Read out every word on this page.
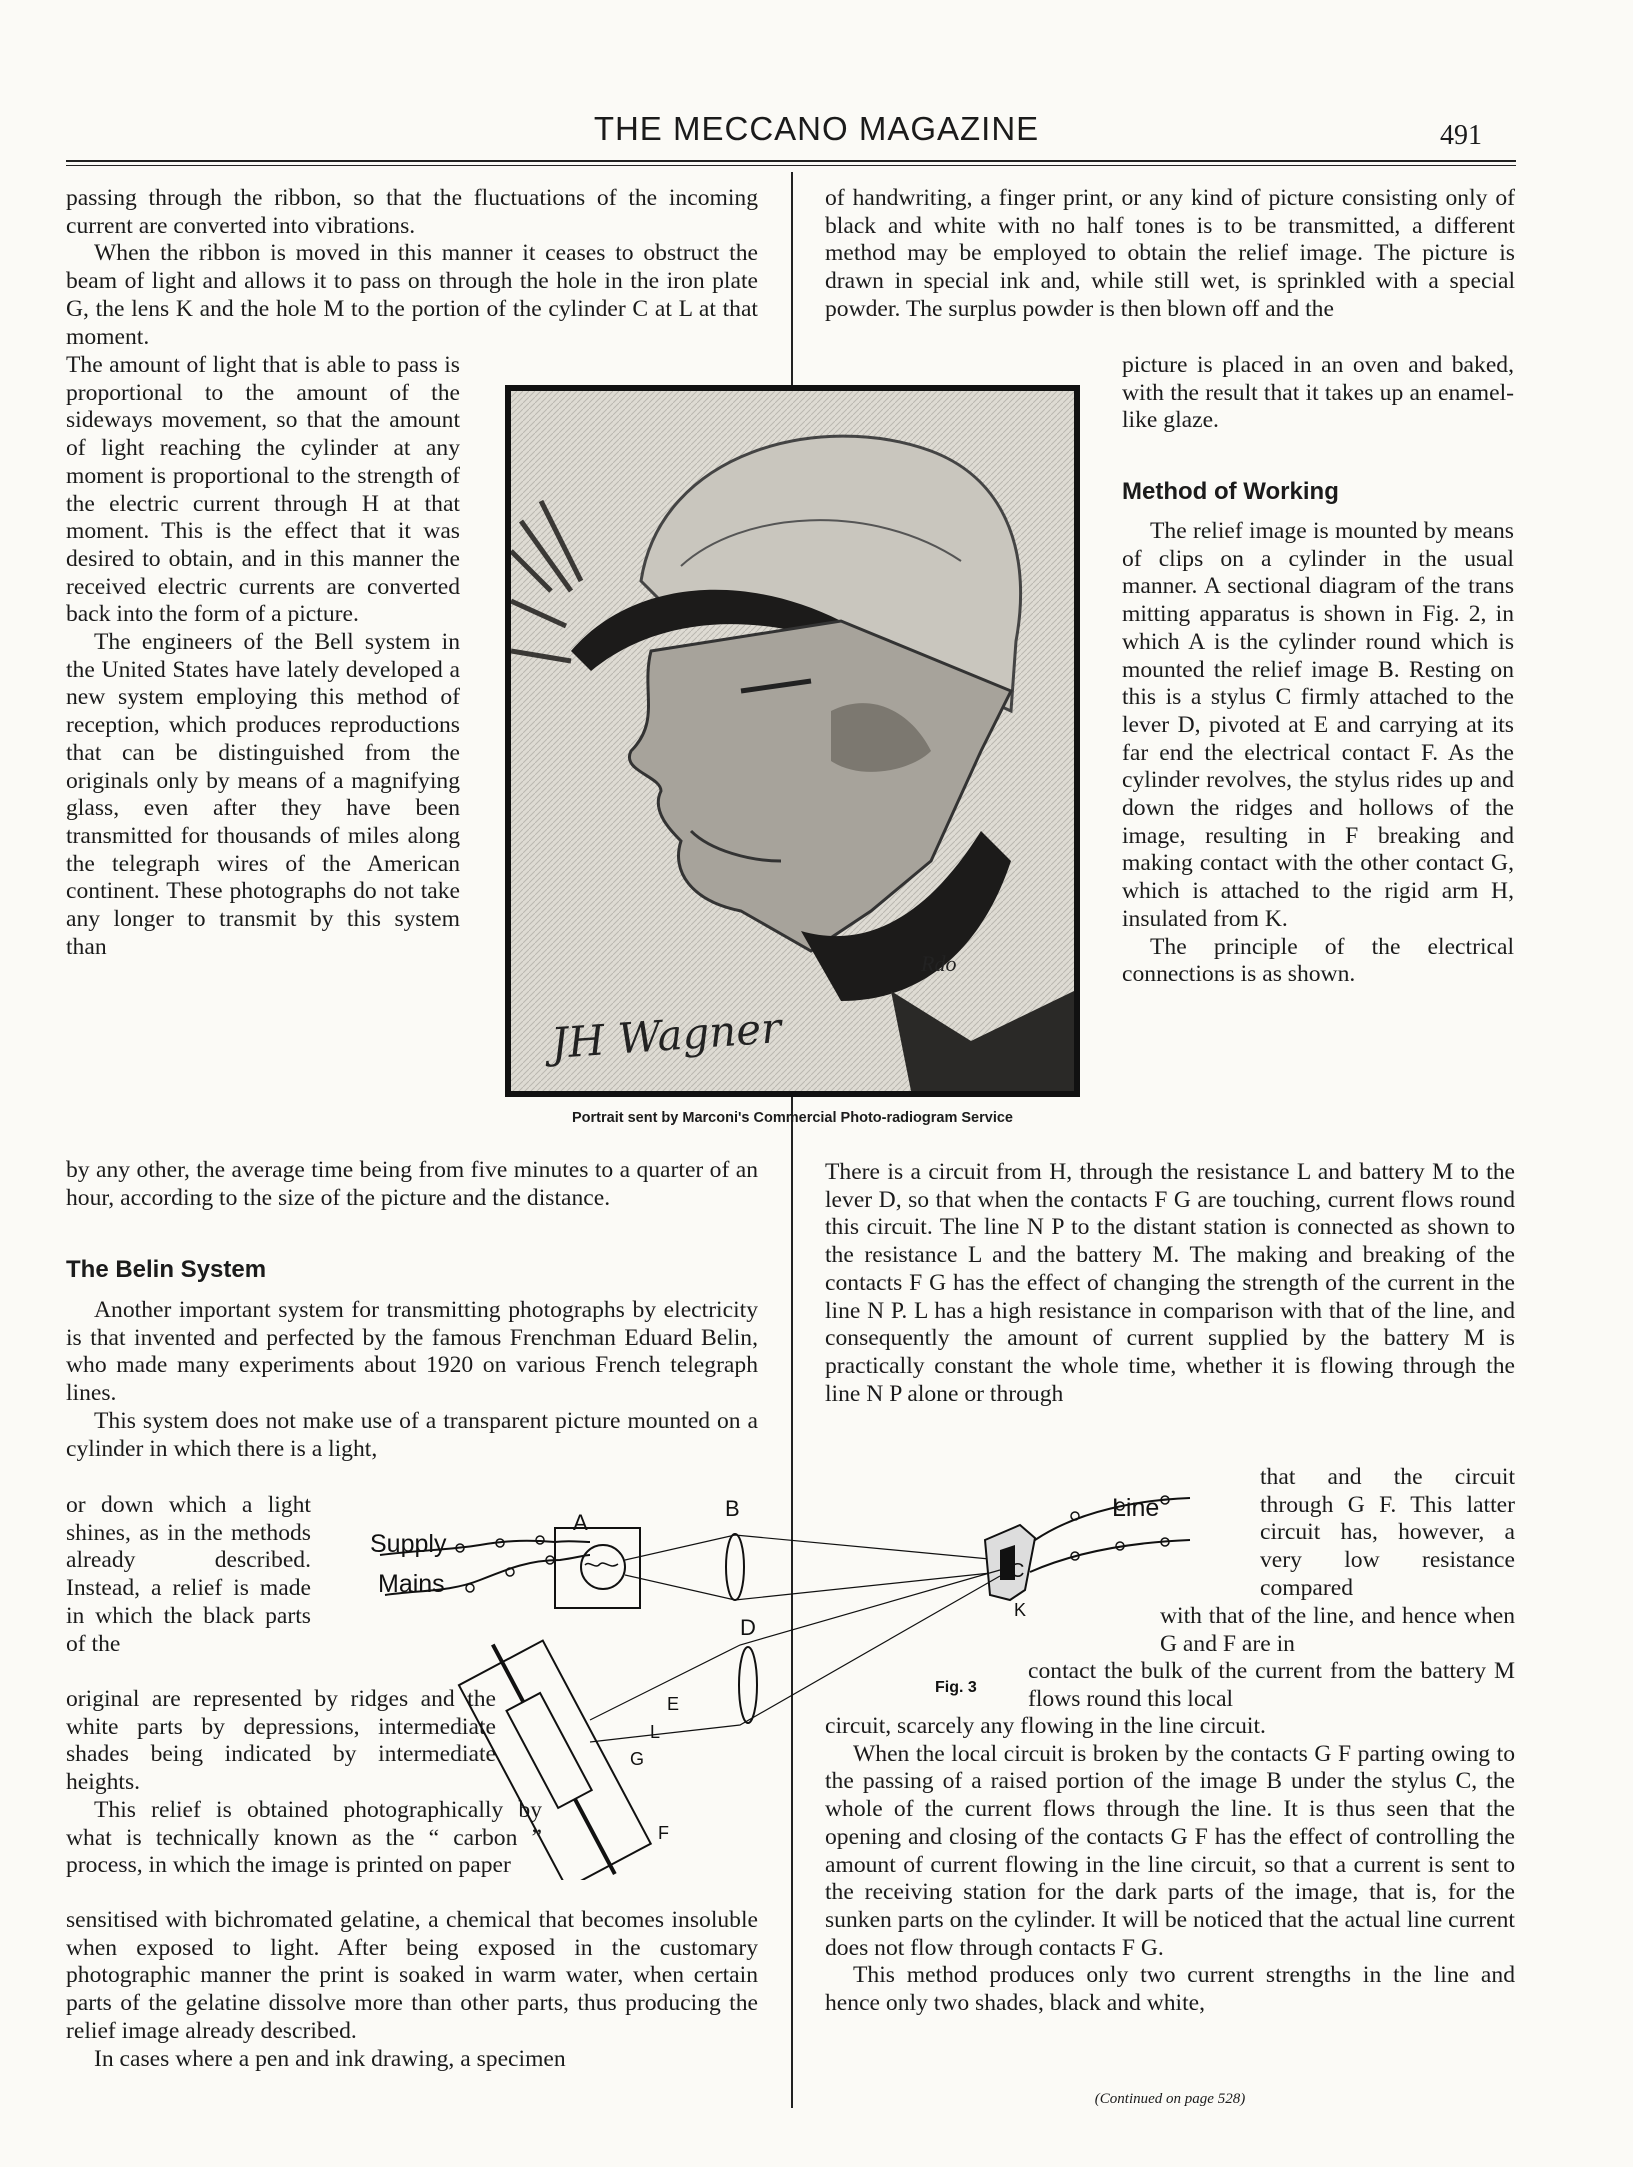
THE MECCANO MAGAZINE	491

passing through the ribbon, so that the fluctuations of the incoming current are converted into vibrations.

When the ribbon is moved in this manner it ceases to obstruct the beam of light and allows it to pass on through the hole in the iron plate G, the lens K and the hole M to the portion of the cylinder C at L at that moment.

The amount of light that is able to pass is proportional to the amount of the sideways movement, so that the amount of light reaching the cylinder at any moment is proportional to the strength of the electric current through H at that moment. This is the effect that it was desired to obtain, and in this manner the received electric currents are converted back into the form of a picture.

The engineers of the Bell system in the United States have lately developed a new system employing this method of reception, which produces reproductions that can be distinguished from the originals only by means of a magnifying glass, even after they have been transmitted for thousands of miles along the telegraph wires of the American continent. These photographs do not take any longer to transmit by this system than

by any other, the average time being from five minutes to a quarter of an hour, according to the size of the picture and the distance.

The Belin System

Another important system for transmitting photographs by electricity is that invented and perfected by the famous Frenchman Eduard Belin, who made many experiments about 1920 on various French telegraph lines.

This system does not make use of a transparent picture mounted on a cylinder in which there is a light,

or down which a light shines, as in the methods already described. Instead, a relief is made in which the black parts of the

original are represented by ridges and the white parts by depressions, intermediate shades being indicated by intermediate heights.

This relief is obtained photographically by what is technically known as the “ carbon ” process, in which the image is printed on paper

sensitised with bichromated gelatine, a chemical that becomes insoluble when exposed to light. After being exposed in the customary photographic manner the print is soaked in warm water, when certain parts of the gelatine dissolve more than other parts, thus producing the relief image already described.

In cases where a pen and ink drawing, a specimen

of handwriting, a finger print, or any kind of picture consisting only of black and white with no half tones is to be transmitted, a different method may be employed to obtain the relief image. The picture is drawn in special ink and, while still wet, is sprinkled with a special powder. The surplus powder is then blown off and the

picture is placed in an oven and baked, with the result that it takes up an enamel-like glaze.

Method of Working

The relief image is mounted by means of clips on a cylinder in the usual manner. A sectional diagram of the trans mitting apparatus is shown in Fig. 2, in which A is the cylinder round which is mounted the relief image B. Resting on this is a stylus C firmly attached to the lever D, pivoted at E and carrying at its far end the electrical contact F. As the cylinder revolves, the stylus rides up and down the ridges and hollows of the image, resulting in F breaking and making contact with the other contact G, which is attached to the rigid arm H, insulated from K.

The principle of the electrical connections is as shown.

There is a circuit from H, through the resistance L and battery M to the lever D, so that when the contacts F G are touching, current flows round this circuit. The line N P to the distant station is connected as shown to the resistance L and the battery M. The making and breaking of the contacts F G has the effect of changing the strength of the current in the line N P. L has a high resistance in comparison with that of the line, and consequently the amount of current supplied by the battery M is practically constant the whole time, whether it is flowing through the line N P alone or through

that and the circuit through G F. This latter circuit has, however, a very low resistance compared

with that of the line, and hence when G and F are in

contact the bulk of the current from the battery M flows round this local

circuit, scarcely any flowing in the line circuit.

When the local circuit is broken by the contacts G F parting owing to the passing of a raised portion of the image B under the stylus C, the whole of the current flows through the line. It is thus seen that the opening and closing of the contacts G F has the effect of controlling the amount of current flowing in the line circuit, so that a current is sent to the receiving station for the dark parts of the image, that is, for the sunken parts on the cylinder. It will be noticed that the actual line current does not flow through contacts F G.

This method produces only two current strengths in the line and hence only two shades, black and white,

(Continued on page 528)
Rdo
JH Wagner
Portrait sent by Marconi's Commercial Photo-radiogram Service
Supply
Mains
Line
A
B
C
D
E
F
G
K
L
Fig. 3
